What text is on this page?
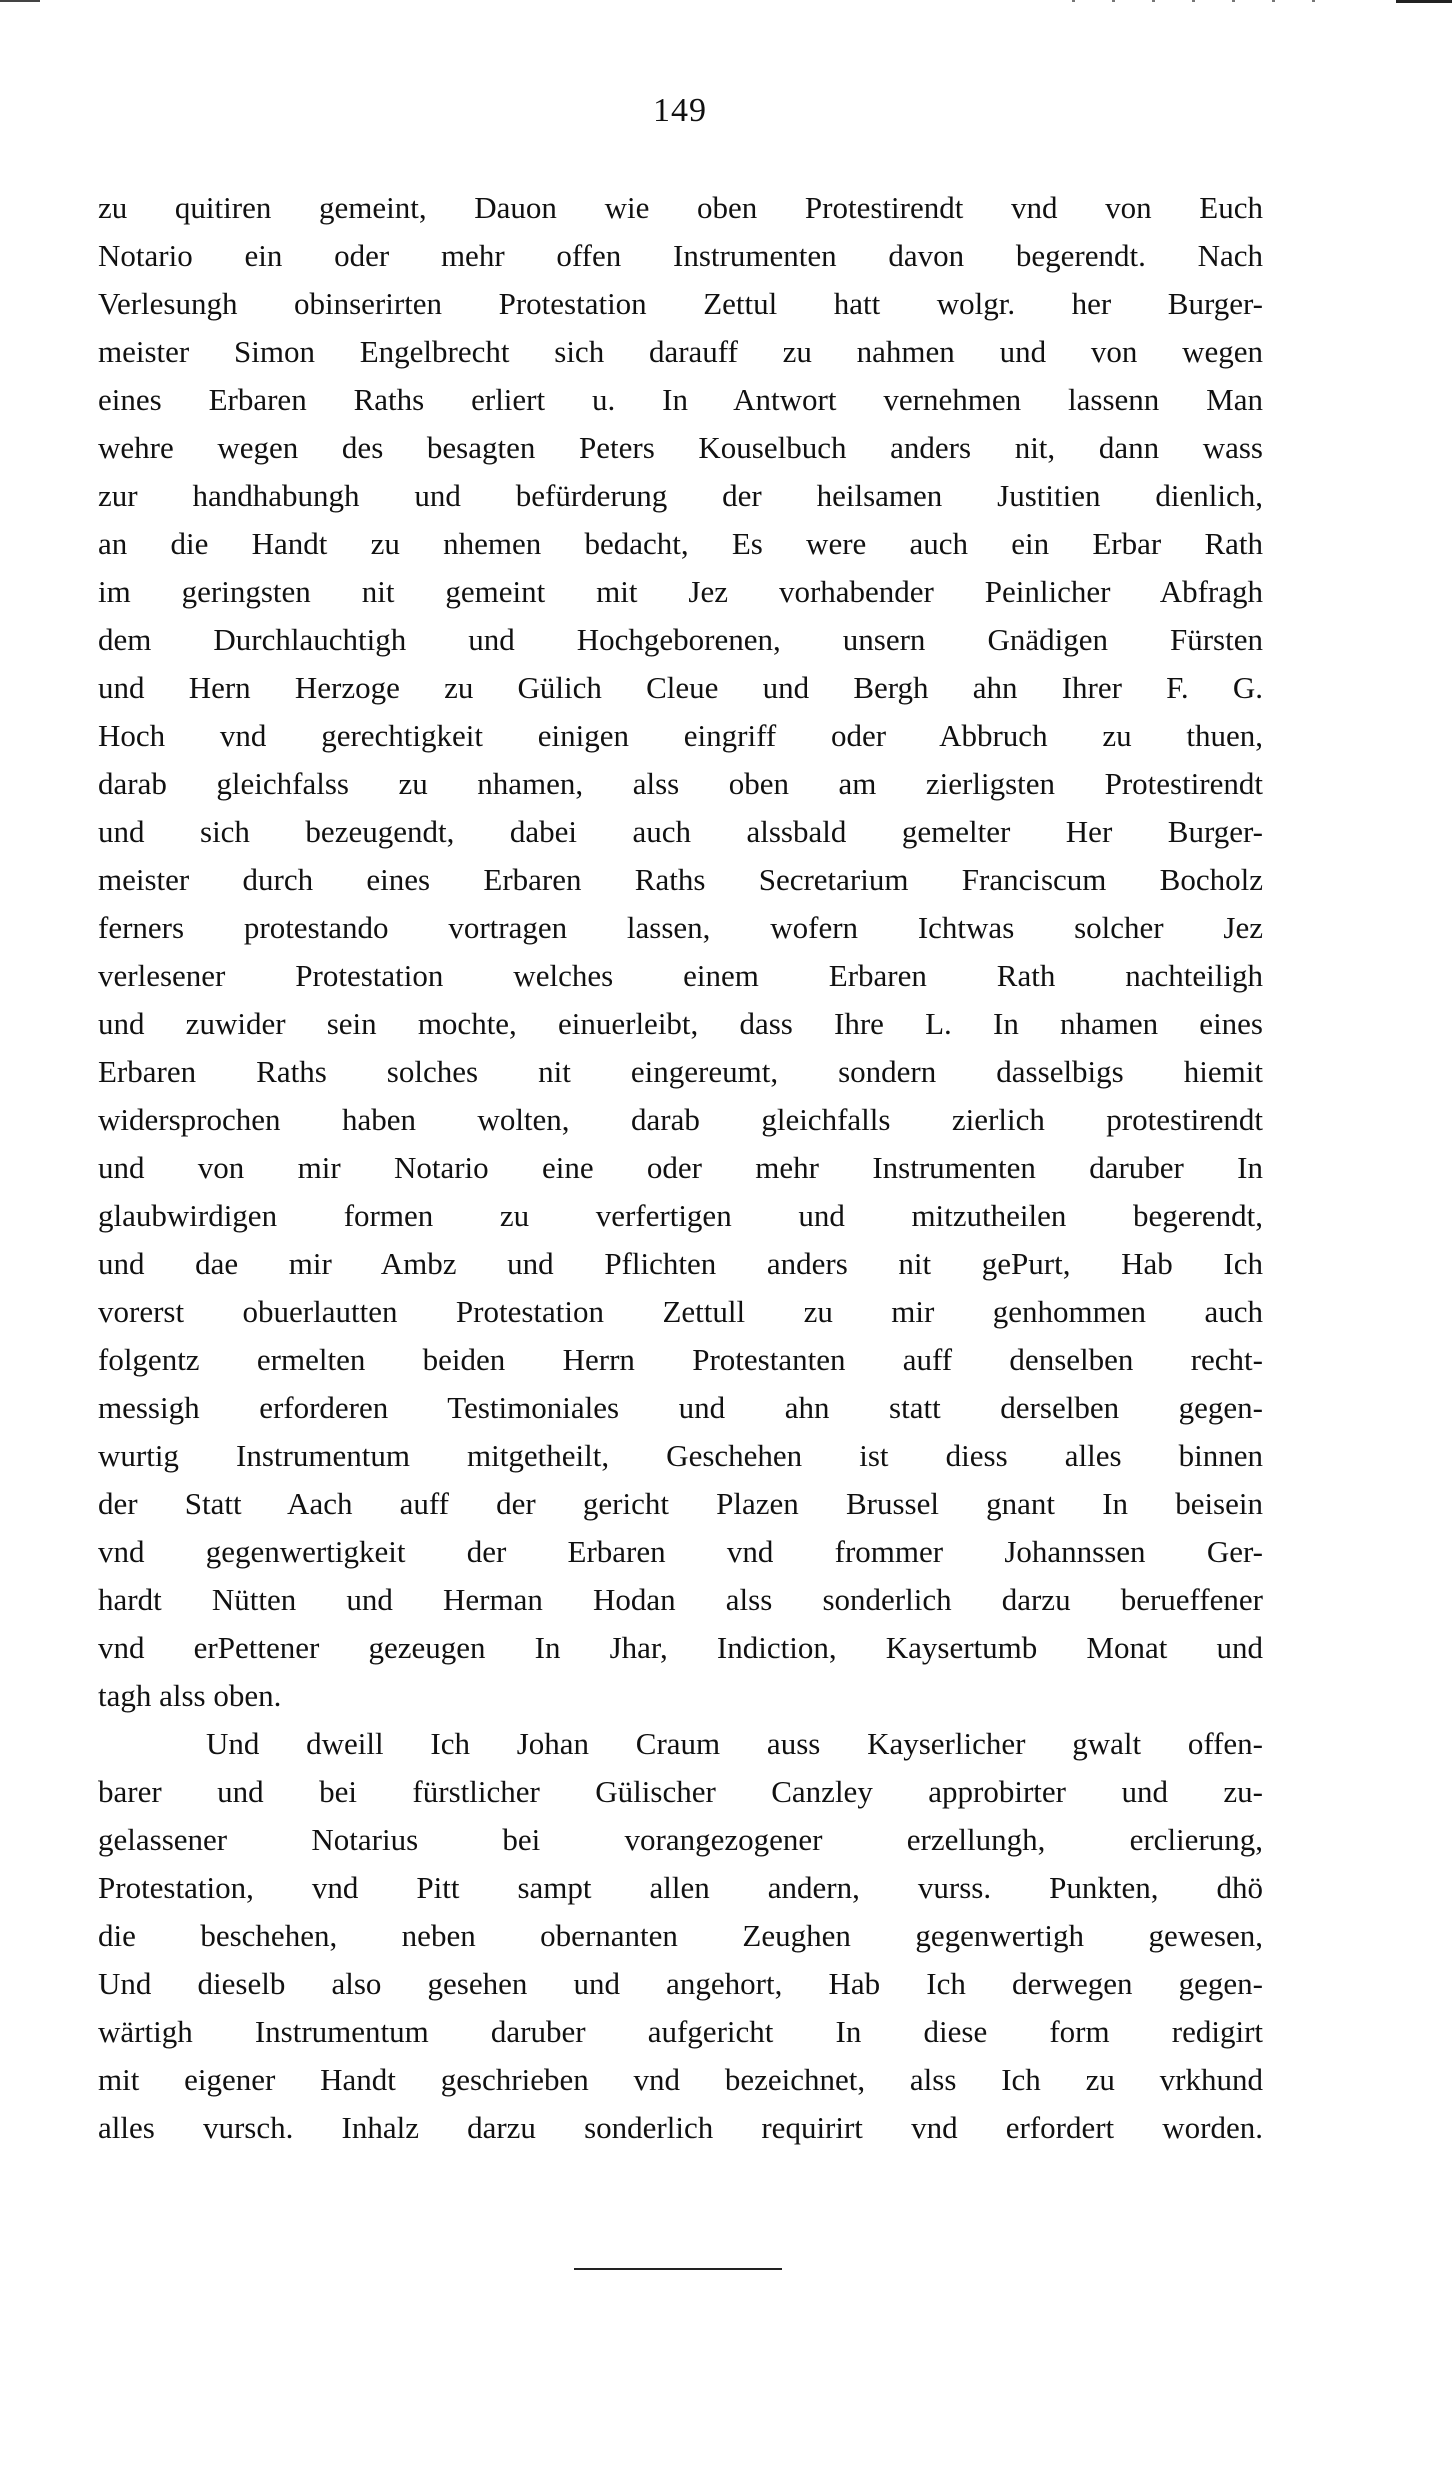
149
zu quitiren gemeint, Dauon wie oben Protestirendt vnd von Euch
Notario ein oder mehr offen Instrumenten davon begerendt. Nach
Verlesungh obinserirten Protestation Zettul hatt wolgr. her Burger-
meister Simon Engelbrecht sich darauff zu nahmen und von wegen
eines Erbaren Raths erliert u. In Antwort vernehmen lassenn Man
wehre wegen des besagten Peters Kouselbuch anders nit, dann wass
zur handhabungh und befürderung der heilsamen Justitien dienlich,
an die Handt zu nhemen bedacht, Es were auch ein Erbar Rath
im geringsten nit gemeint mit Jez vorhabender Peinlicher Abfragh
dem Durchlauchtigh und Hochgeborenen, unsern Gnädigen Fürsten
und Hern Herzoge zu Gülich Cleue und Bergh ahn Ihrer F. G.
Hoch vnd gerechtigkeit einigen eingriff oder Abbruch zu thuen,
darab gleichfalss zu nhamen, alss oben am zierligsten Protestirendt
und sich bezeugendt, dabei auch alssbald gemelter Her Burger-
meister durch eines Erbaren Raths Secretarium Franciscum Bocholz
ferners protestando vortragen lassen, wofern Ichtwas solcher Jez
verlesener Protestation welches einem Erbaren Rath nachteiligh
und zuwider sein mochte, einuerleibt, dass Ihre L. In nhamen eines
Erbaren Raths solches nit eingereumt, sondern dasselbigs hiemit
widersprochen haben wolten, darab gleichfalls zierlich protestirendt
und von mir Notario eine oder mehr Instrumenten daruber In
glaubwirdigen formen zu verfertigen und mitzutheilen begerendt,
und dae mir Ambz und Pflichten anders nit gePurt, Hab Ich
vorerst obuerlautten Protestation Zettull zu mir genhommen auch
folgentz ermelten beiden Herrn Protestanten auff denselben recht-
messigh erforderen Testimoniales und ahn statt derselben gegen-
wurtig Instrumentum mitgetheilt, Geschehen ist diess alles binnen
der Statt Aach auff der gericht Plazen Brussel gnant In beisein
vnd gegenwertigkeit der Erbaren vnd frommer Johannssen Ger-
hardt Nütten und Herman Hodan alss sonderlich darzu berueffener
vnd erPettener gezeugen In Jhar, Indiction, Kaysertumb Monat und
tagh alss oben.
Und dweill Ich Johan Craum auss Kayserlicher gwalt offen-
barer und bei fürstlicher Gülischer Canzley approbirter und zu-
gelassener Notarius bei vorangezogener erzellungh, erclierung,
Protestation, vnd Pitt sampt allen andern, vurss. Punkten, dhö
die beschehen, neben obernanten Zeughen gegenwertigh gewesen,
Und dieselb also gesehen und angehort, Hab Ich derwegen gegen-
wärtigh Instrumentum daruber aufgericht In diese form redigirt
mit eigener Handt geschrieben vnd bezeichnet, alss Ich zu vrkhund
alles vursch. Inhalz darzu sonderlich requirirt vnd erfordert worden.
